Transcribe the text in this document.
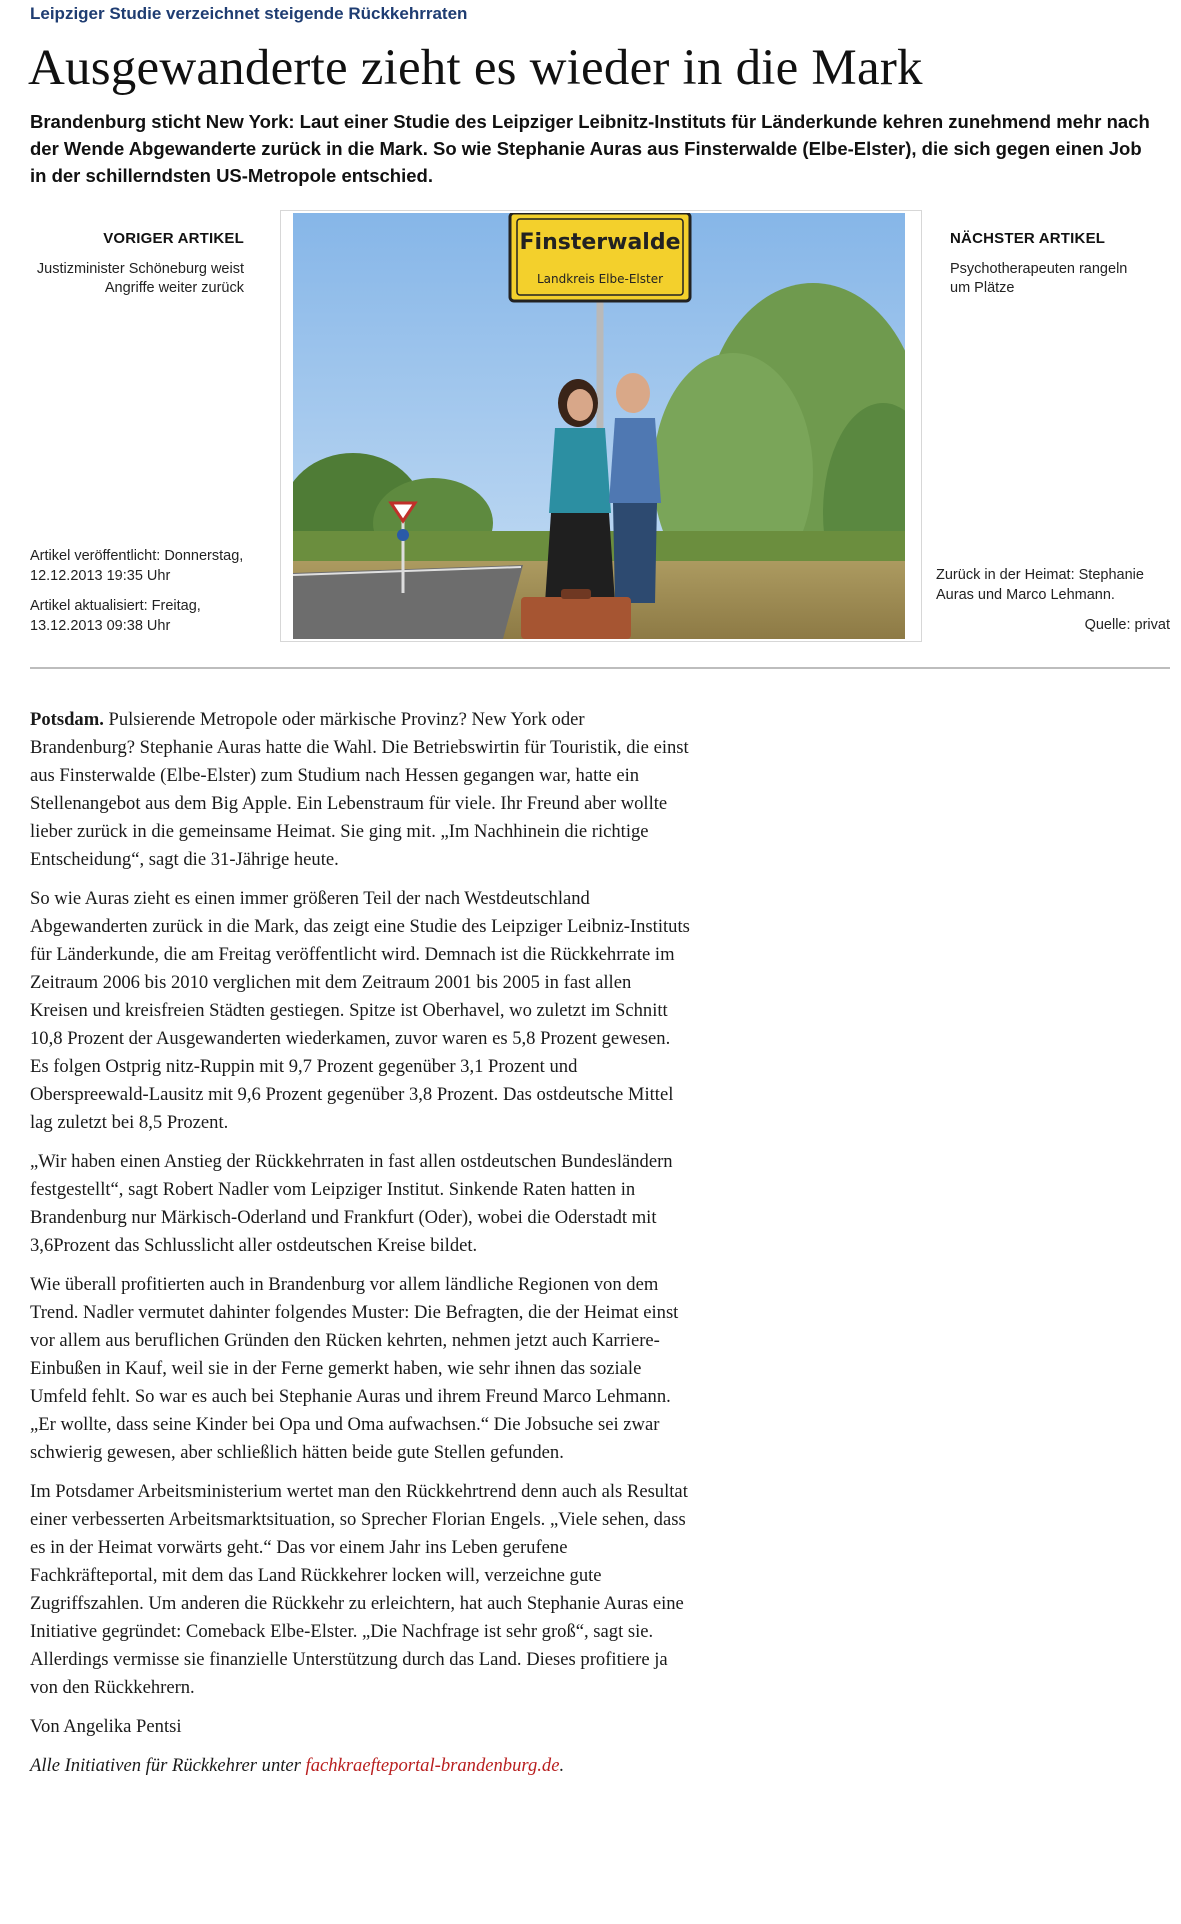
Leipziger Studie verzeichnet steigende Rückkehrraten
Ausgewanderte zieht es wieder in die Mark
Brandenburg sticht New York: Laut einer Studie des Leipziger Leibnitz-Instituts für Länderkunde kehren zunehmend mehr nach der Wende Abgewanderte zurück in die Mark. So wie Stephanie Auras aus Finsterwalde (Elbe-Elster), die sich gegen einen Job in der schillerndsten US-Metropole entschied.
VORIGER ARTIKEL
Justizminister Schöneburg weist Angriffe weiter zurück
Artikel veröffentlicht: Donnerstag, 12.12.2013 19:35 Uhr
Artikel aktualisiert: Freitag, 13.12.2013 09:38 Uhr
Finsterwalde
Landkreis Elbe-Elster
NÄCHSTER ARTIKEL
Psychotherapeuten rangeln um Plätze
Zurück in der Heimat: Stephanie Auras und Marco Lehmann.
Quelle: privat

Potsdam. Pulsierende Metropole oder märkische Provinz? New York oder Brandenburg? Stephanie Auras hatte die Wahl. Die Betriebswirtin für Touristik, die einst aus Finsterwalde (Elbe-Elster) zum Studium nach Hessen gegangen war, hatte ein Stellenangebot aus dem Big Apple. Ein Lebenstraum für viele. Ihr Freund aber wollte lieber zurück in die gemeinsame Heimat. Sie ging mit. „Im Nachhinein die richtige Entscheidung“, sagt die 31-Jährige heute.

So wie Auras zieht es einen immer größeren Teil der nach Westdeutschland Abgewanderten zurück in die Mark, das zeigt eine Studie des Leipziger Leibniz-Instituts für Länderkunde, die am Freitag veröffentlicht wird. Demnach ist die Rückkehrrate im Zeitraum 2006 bis 2010 verglichen mit dem Zeitraum 2001 bis 2005 in fast allen Kreisen und kreisfreien Städten gestiegen. Spitze ist Oberhavel, wo zuletzt im Schnitt 10,8 Prozent der Ausgewanderten wiederkamen, zuvor waren es 5,8 Prozent gewesen. Es folgen Ostprig nitz-Ruppin mit 9,7 Prozent gegenüber 3,1 Prozent und Oberspreewald-Lausitz mit 9,6 Prozent gegenüber 3,8 Prozent. Das ostdeutsche Mittel lag zuletzt bei 8,5 Prozent.

„Wir haben einen Anstieg der Rückkehrraten in fast allen ostdeutschen Bundesländern festgestellt“, sagt Robert Nadler vom Leipziger Institut. Sinkende Raten hatten in Brandenburg nur Märkisch-Oderland und Frankfurt (Oder), wobei die Oderstadt mit 3,6Prozent das Schlusslicht aller ostdeutschen Kreise bildet.

Wie überall profitierten auch in Brandenburg vor allem ländliche Regionen von dem Trend. Nadler vermutet dahinter folgendes Muster: Die Befragten, die der Heimat einst vor allem aus beruflichen Gründen den Rücken kehrten, nehmen jetzt auch Karriere-Einbußen in Kauf, weil sie in der Ferne gemerkt haben, wie sehr ihnen das soziale Umfeld fehlt. So war es auch bei Stephanie Auras und ihrem Freund Marco Lehmann. „Er wollte, dass seine Kinder bei Opa und Oma aufwachsen.“ Die Jobsuche sei zwar schwierig gewesen, aber schließlich hätten beide gute Stellen gefunden.

Im Potsdamer Arbeitsministerium wertet man den Rückkehrtrend denn auch als Resultat einer verbesserten Arbeitsmarktsituation, so Sprecher Florian Engels. „Viele sehen, dass es in der Heimat vorwärts geht.“ Das vor einem Jahr ins Leben gerufene Fachkräfteportal, mit dem das Land Rückkehrer locken will, verzeichne gute Zugriffszahlen. Um anderen die Rückkehr zu erleichtern, hat auch Stephanie Auras eine Initiative gegründet: Comeback Elbe-Elster. „Die Nachfrage ist sehr groß“, sagt sie. Allerdings vermisse sie finanzielle Unterstützung durch das Land. Dieses profitiere ja von den Rückkehrern.

Von Angelika Pentsi

Alle Initiativen für Rückkehrer unter fachkraefteportal-brandenburg.de.
